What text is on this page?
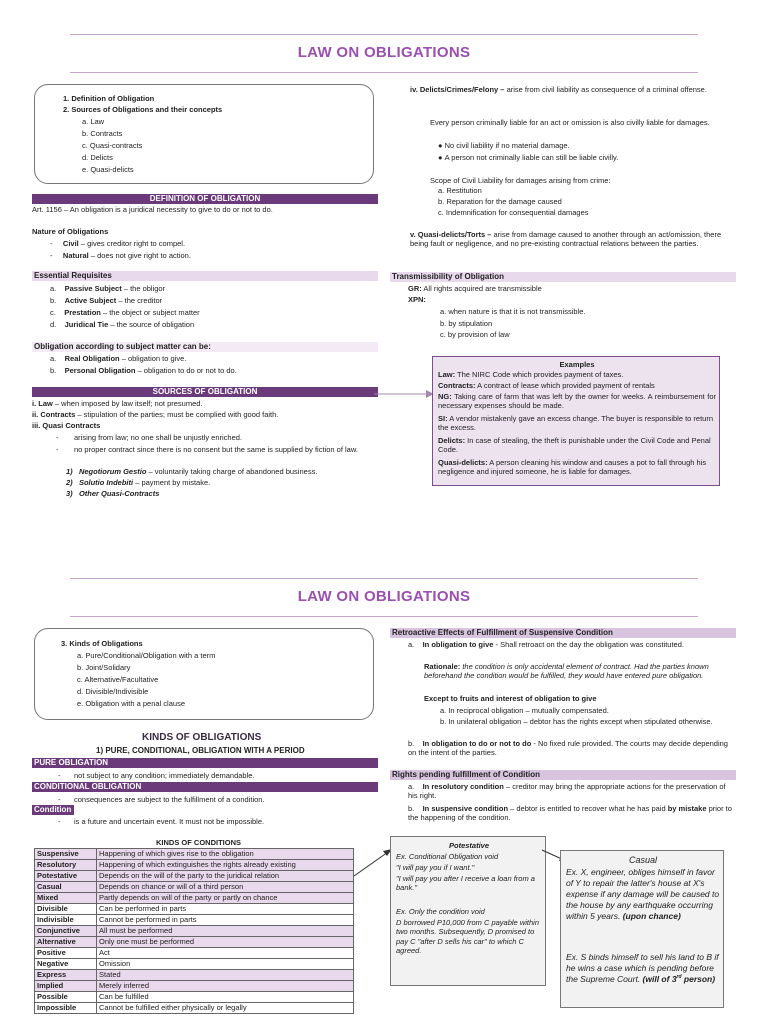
LAW ON OBLIGATIONS
1. Definition of Obligation
2. Sources of Obligations and their concepts
a. Law
b. Contracts
c. Quasi-contracts
d. Delicts
e. Quasi-delicts
DEFINITION OF OBLIGATION
Art. 1156 – An obligation is a juridical necessity to give to do or not to do.
Nature of Obligations
-     Civil – gives creditor right to compel.
-     Natural – does not give right to action.
Essential Requisites
a. Passive Subject – the obligor
b. Active Subject – the creditor
c. Prestation – the object or subject matter
d. Juridical Tie – the source of obligation
Obligation according to subject matter can be:
a. Real Obligation – obligation to give.
b. Personal Obligation – obligation to do or not to do.
SOURCES OF OBLIGATION
i. Law – when imposed by law itself; not presumed.
ii. Contracts – stipulation of the parties; must be complied with good faith.
iii. Quasi Contracts
- arising from law; no one shall be unjustly enriched.
- no proper contract since there is no consent but the same is supplied by fiction of law.
1) Negotiorum Gestio – voluntarily taking charge of abandoned business.
2) Solutio Indebiti – payment by mistake.
3) Other Quasi-Contracts
iv. Delicts/Crimes/Felony – arise from civil liability as consequence of a criminal offense.
Every person criminally liable for an act or omission is also civilly liable for damages.
● No civil liability if no material damage.
● A person not criminally liable can still be liable civilly.
Scope of Civil Liability for damages arising from crime:
a. Restitution
b. Reparation for the damage caused
c. Indemnification for consequential damages
v. Quasi-delicts/Torts – arise from damage caused to another through an act/omission, there being fault or negligence, and no pre-existing contractual relations between the parties.
Transmissibility of Obligation
GR: All rights acquired are transmissible
XPN:
a. when nature is that it is not transmissible.
b. by stipulation
c. by provision of law
Examples
Law: The NIRC Code which provides payment of taxes.
Contracts: A contract of lease which provided payment of rentals
NG: Taking care of farm that was left by the owner for weeks. A reimbursement for necessary expenses should be made.
SI: A vendor mistakenly gave an excess change. The buyer is responsible to return the excess.
Delicts: In case of stealing, the theft is punishable under the Civil Code and Penal Code.
Quasi-delicts: A person cleaning his window and causes a pot to fall through his negligence and injured someone, he is liable for damages.
LAW ON OBLIGATIONS
3. Kinds of Obligations
a. Pure/Conditional/Obligation with a term
b. Joint/Solidary
c. Alternative/Facultative
d. Divisible/Indivisible
e. Obligation with a penal clause
KINDS OF OBLIGATIONS
1) PURE, CONDITIONAL, OBLIGATION WITH A PERIOD
PURE OBLIGATION
- not subject to any condition; immediately demandable.
CONDITIONAL OBLIGATION
- consequences are subject to the fulfillment of a condition.
Condition
- is a future and uncertain event. It must not be impossible.
KINDS OF CONDITIONS
Suspensive	Happening of which gives rise to the obligation
Resolutory	Happening of which extinguishes the rights already existing
Potestative	Depends on the will of the party to the juridical relation
Casual	Depends on chance or will of a third person
Mixed	Partly depends on will of the party or partly on chance
Divisible	Can be performed in parts
Indivisible	Cannot be performed in parts
Conjunctive	All must be performed
Alternative	Only one must be performed
Positive	Act
Negative	Omission
Express	Stated
Implied	Merely inferred
Possible	Can be fulfilled
Impossible	Cannot be fulfilled either physically or legally
Retroactive Effects of Fulfillment of Suspensive Condition
a.    In obligation to give - Shall retroact on the day the obligation was constituted.
Rationale: the condition is only accidental element of contract. Had the parties known beforehand the condition would be fulfilled, they would have entered pure obligation.
Except to fruits and interest of obligation to give
a. In reciprocal obligation – mutually compensated.
b. In unilateral obligation – debtor has the rights except when stipulated otherwise.
b.    In obligation to do or not to do - No fixed rule provided. The courts may decide depending on the intent of the parties.
Rights pending fulfillment of Condition
a.    In resolutory condition – creditor may bring the appropriate actions for the preservation of his right.
b.    In suspensive condition – debtor is entitled to recover what he has paid by mistake prior to the happening of the condition.
Potestative
Ex. Conditional Obligation void
"I will pay you if I want."
"I will pay you after I receive a loan from a bank."
Ex. Only the condition void
D borrowed P10,000 from C payable within two months. Subsequently, D promised to pay C "after D sells his car" to which C agreed.
Casual
Ex. X, engineer, obliges himself in favor of Y to repair the latter's house at X's expense if any damage will be caused to the house by any earthquake occurring within 5 years. (upon chance)
Ex. S binds himself to sell his land to B if he wins a case which is pending before the Supreme Court. (will of 3rd person)
